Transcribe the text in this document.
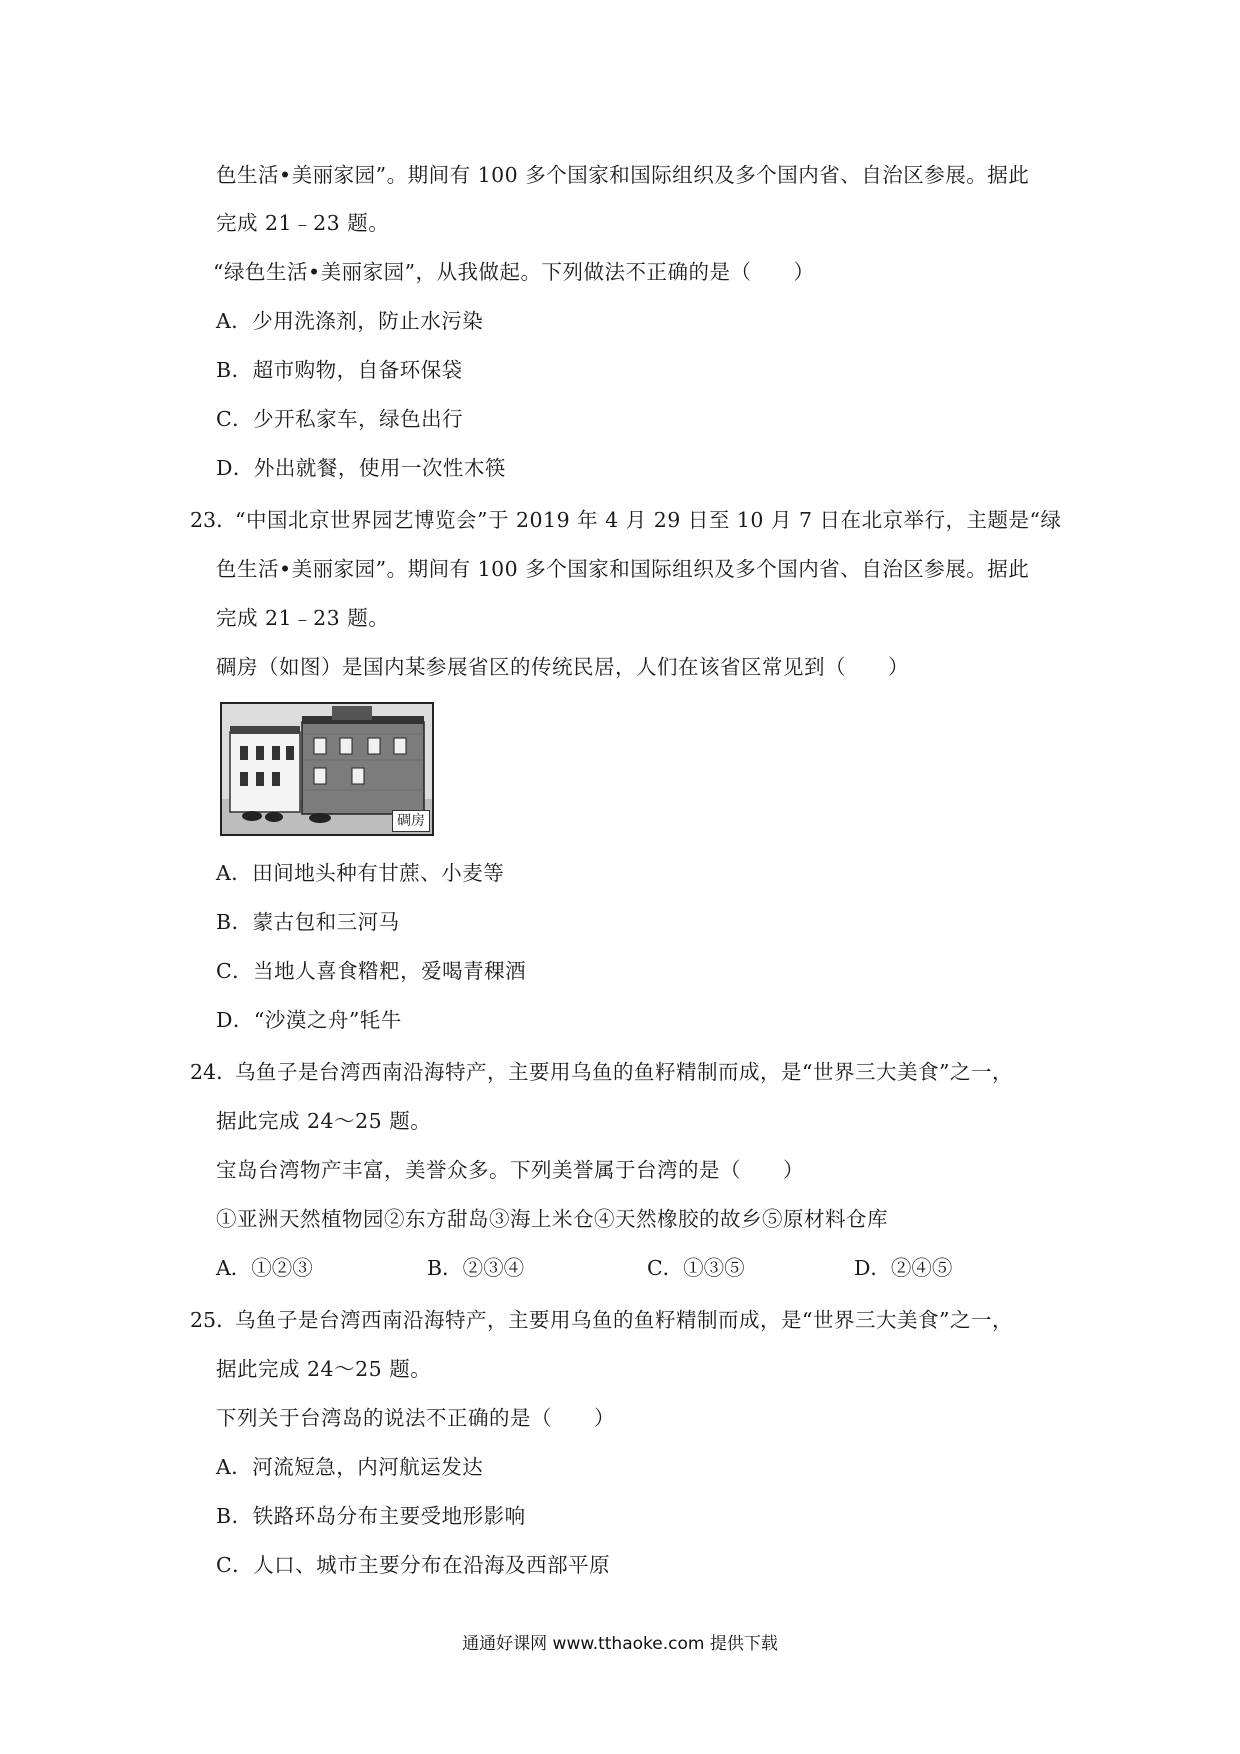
色生活•美丽家园”。期间有 100 多个国家和国际组织及多个国内省、自治区参展。据此
完成 21﹣23 题。
“绿色生活•美丽家园”，从我做起。下列做法不正确的是（　　）
A．少用洗涤剂，防止水污染
B．超市购物，自备环保袋
C．少开私家车，绿色出行
D．外出就餐，使用一次性木筷
23．
“中国北京世界园艺博览会”于 2019 年 4 月 29 日至 10 月 7 日在北京举行，主题是“绿
色生活•美丽家园”。期间有 100 多个国家和国际组织及多个国内省、自治区参展。据此
完成 21﹣23 题。
碉房（如图）是国内某参展省区的传统民居，人们在该省区常见到（　　）
碉房
A．田间地头种有甘蔗、小麦等
B．蒙古包和三河马
C．当地人喜食糌粑，爱喝青稞酒
D．“沙漠之舟”牦牛
24．
乌鱼子是台湾西南沿海特产，主要用乌鱼的鱼籽精制而成，是“世界三大美食”之一，
据此完成 24～25 题。
宝岛台湾物产丰富，美誉众多。下列美誉属于台湾的是（　　）
①亚洲天然植物园②东方甜岛③海上米仓④天然橡胶的故乡⑤原材料仓库
A．①②③	B．②③④	C．①③⑤	D．②④⑤
25．
乌鱼子是台湾西南沿海特产，主要用乌鱼的鱼籽精制而成，是“世界三大美食”之一，
据此完成 24～25 题。
下列关于台湾岛的说法不正确的是（　　）
A．河流短急，内河航运发达
B．铁路环岛分布主要受地形影响
C．人口、城市主要分布在沿海及西部平原
通通好课网 www.tthaoke.com 提供下载
